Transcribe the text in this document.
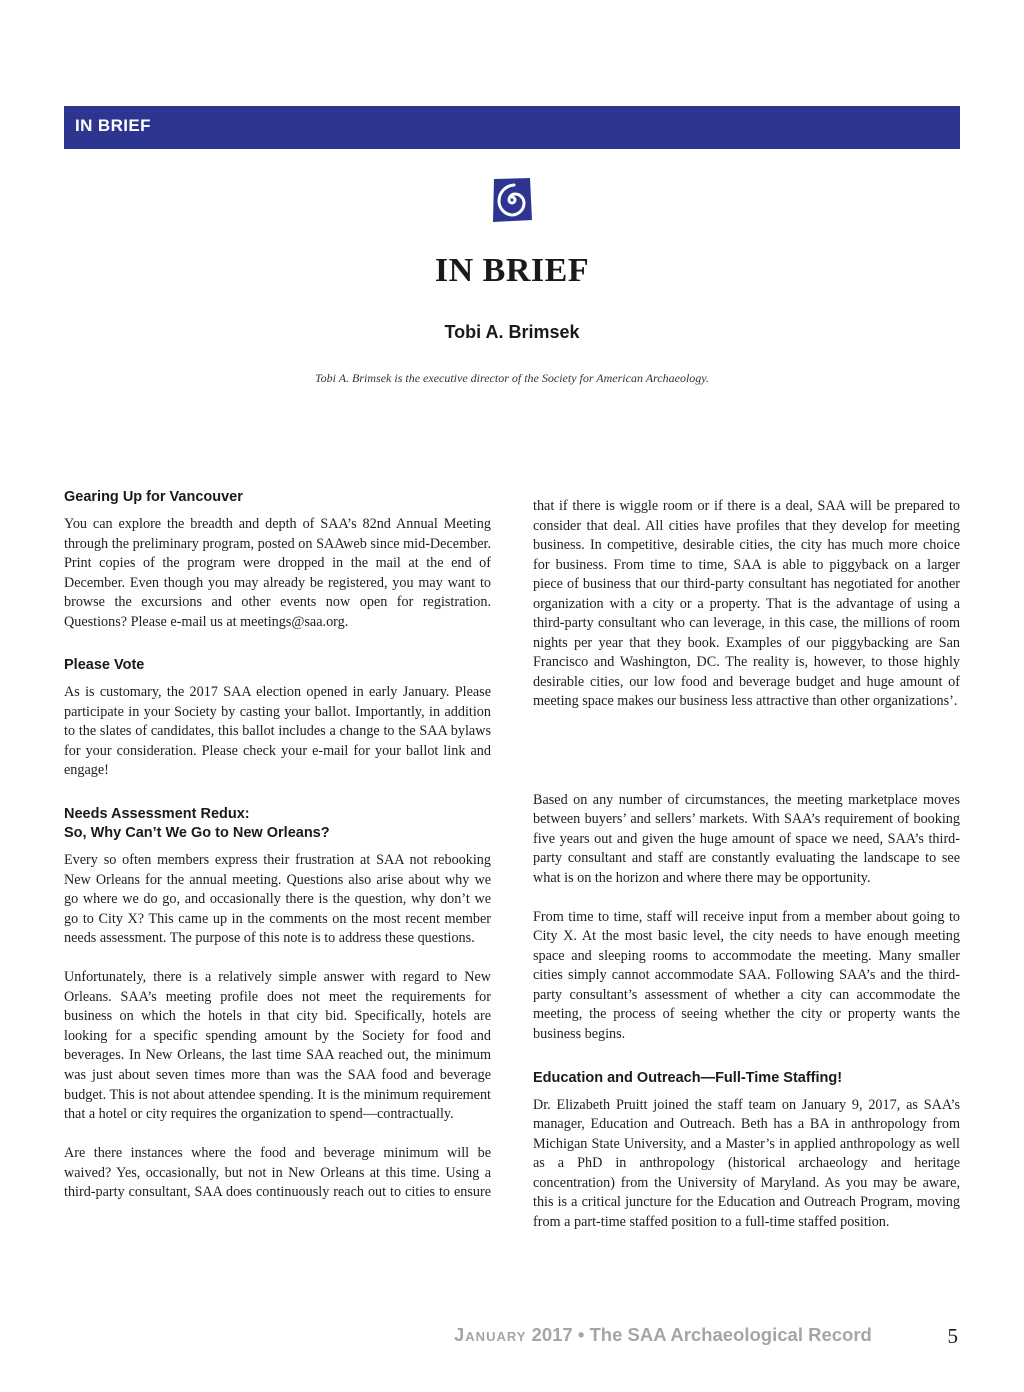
IN BRIEF
IN BRIEF
Tobi A. Brimsek
Tobi A. Brimsek is the executive director of the Society for American Archaeology.
Gearing Up for Vancouver

You can explore the breadth and depth of SAA’s 82nd Annual Meeting through the preliminary program, posted on SAAweb since mid-December. Print copies of the program were dropped in the mail at the end of December. Even though you may already be registered, you may want to browse the excursions and other events now open for registration. Questions? Please e-mail us at meetings@saa.org.

Please Vote

As is customary, the 2017 SAA election opened in early January. Please participate in your Society by casting your ballot. Importantly, in addition to the slates of candidates, this ballot includes a change to the SAA bylaws for your consideration. Please check your e-mail for your ballot link and engage!

Needs Assessment Redux:
So, Why Can’t We Go to New Orleans?

Every so often members express their frustration at SAA not rebooking New Orleans for the annual meeting. Questions also arise about why we go where we do go, and occasionally there is the question, why don’t we go to City X? This came up in the comments on the most recent member needs assessment. The purpose of this note is to address these questions.

Unfortunately, there is a relatively simple answer with regard to New Orleans. SAA’s meeting profile does not meet the requirements for business on which the hotels in that city bid. Specifically, hotels are looking for a specific spending amount by the Society for food and beverages. In New Orleans, the last time SAA reached out, the minimum was just about seven times more than was the SAA food and beverage budget. This is not about attendee spending. It is the minimum requirement that a hotel or city requires the organization to spend—contractually.

Are there instances where the food and beverage minimum will be waived? Yes, occasionally, but not in New Orleans at this time. Using a third-party consultant, SAA does continuously reach out to cities to ensure

that if there is wiggle room or if there is a deal, SAA will be prepared to consider that deal. All cities have profiles that they develop for meeting business. In competitive, desirable cities, the city has much more choice for business. From time to time, SAA is able to piggyback on a larger piece of business that our third-party consultant has negotiated for another organization with a city or a property. That is the advantage of using a third-party consultant who can leverage, in this case, the millions of room nights per year that they book. Examples of our piggybacking are San Francisco and Washington, DC. The reality is, however, to those highly desirable cities, our low food and beverage budget and huge amount of meeting space makes our business less attractive than other organizations’.

Based on any number of circumstances, the meeting marketplace moves between buyers’ and sellers’ markets. With SAA’s requirement of booking five years out and given the huge amount of space we need, SAA’s third-party consultant and staff are constantly evaluating the landscape to see what is on the horizon and where there may be opportunity.

From time to time, staff will receive input from a member about going to City X. At the most basic level, the city needs to have enough meeting space and sleeping rooms to accommodate the meeting. Many smaller cities simply cannot accommodate SAA. Following SAA’s and the third-party consultant’s assessment of whether a city can accommodate the meeting, the process of seeing whether the city or property wants the business begins.

Education and Outreach—Full-Time Staffing!

Dr. Elizabeth Pruitt joined the staff team on January 9, 2017, as SAA’s manager, Education and Outreach. Beth has a BA in anthropology from Michigan State University, and a Master’s in applied anthropology as well as a PhD in anthropology (historical archaeology and heritage concentration) from the University of Maryland. As you may be aware, this is a critical juncture for the Education and Outreach Program, moving from a part-time staffed position to a full-time staffed position.

January 2017 • The SAA Archaeological Record	5
